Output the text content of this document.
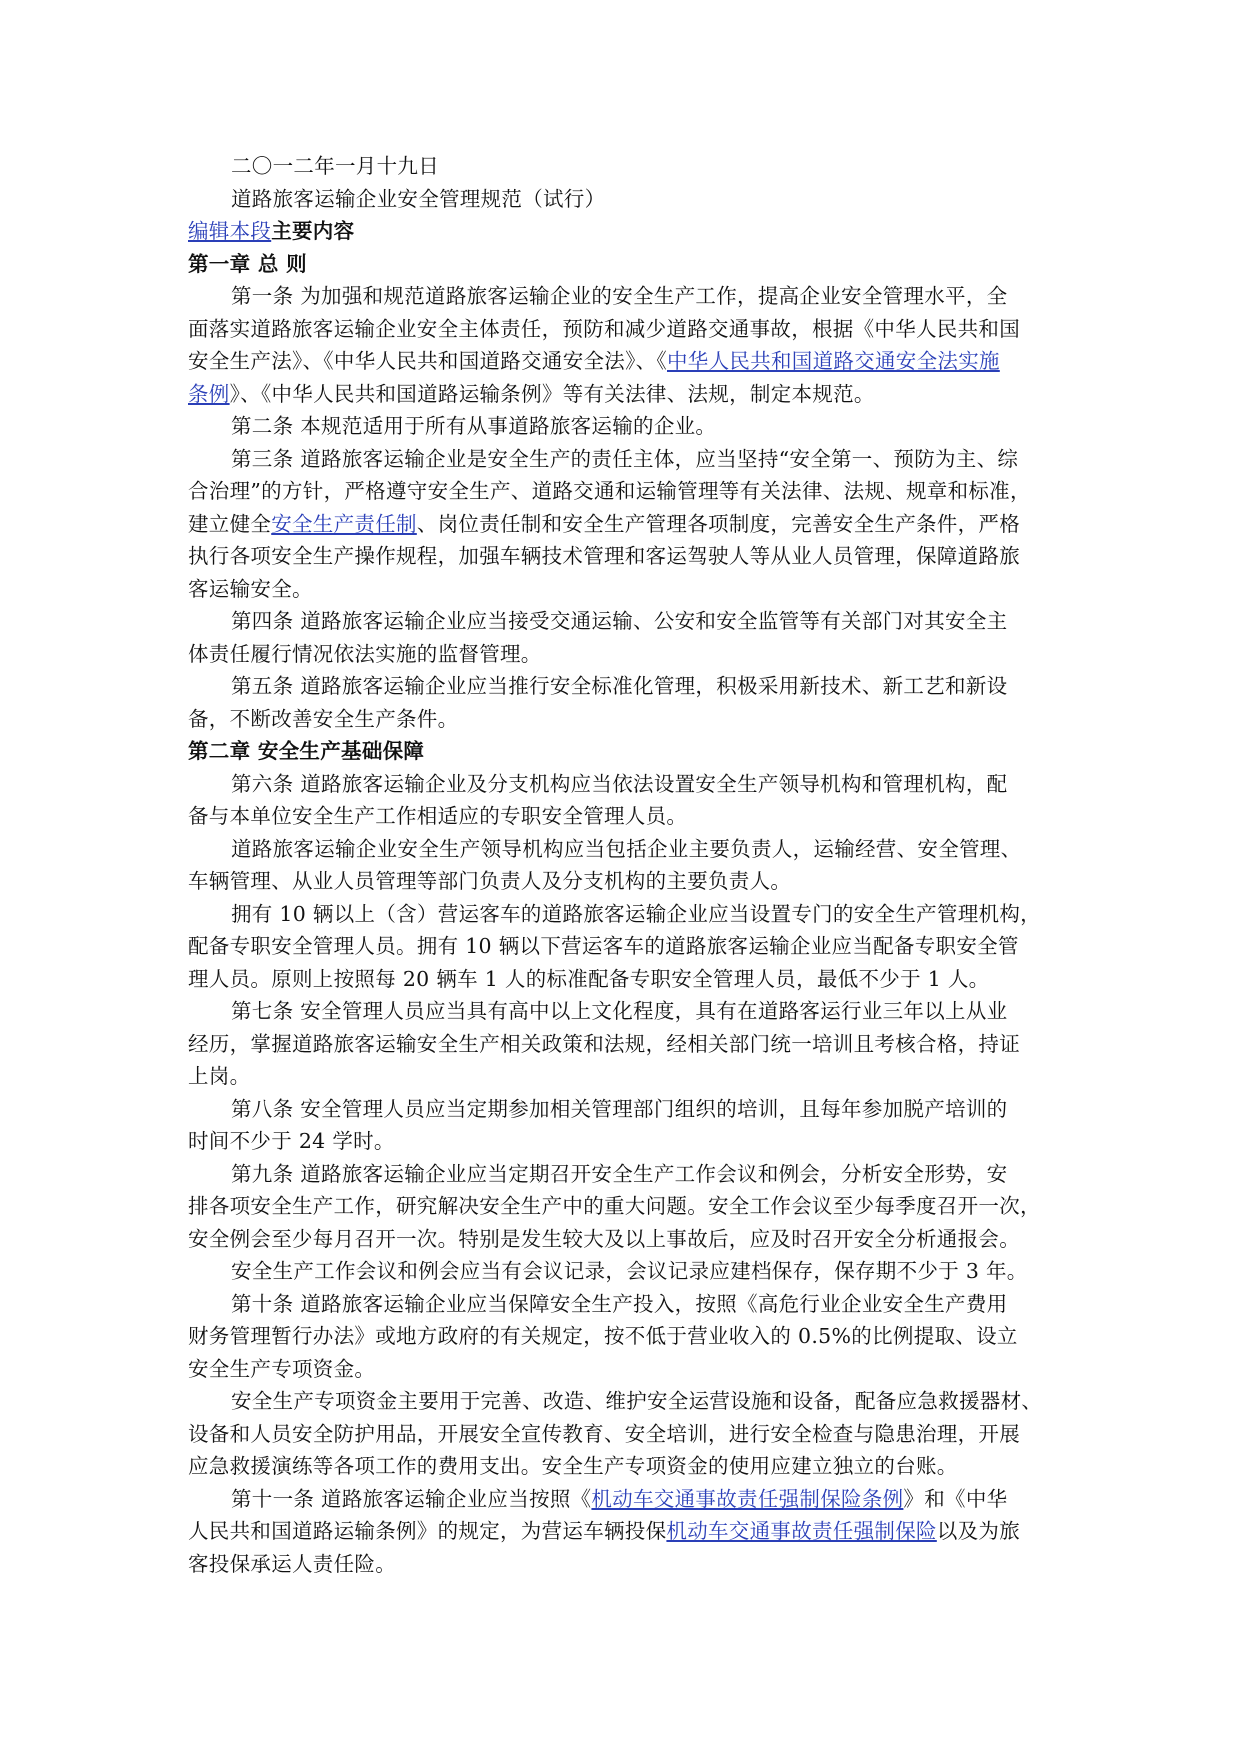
二〇一二年一月十九日
道路旅客运输企业安全管理规范（试行）
编辑本段主要内容
第一章 总 则
第一条 为加强和规范道路旅客运输企业的安全生产工作，提高企业安全管理水平，全
面落实道路旅客运输企业安全主体责任，预防和减少道路交通事故，根据《中华人民共和国
安全生产法》、《中华人民共和国道路交通安全法》、《中华人民共和国道路交通安全法实施
条例》、《中华人民共和国道路运输条例》等有关法律、法规，制定本规范。
第二条 本规范适用于所有从事道路旅客运输的企业。
第三条 道路旅客运输企业是安全生产的责任主体，应当坚持“安全第一、预防为主、综
合治理”的方针，严格遵守安全生产、道路交通和运输管理等有关法律、法规、规章和标准，
建立健全安全生产责任制、岗位责任制和安全生产管理各项制度，完善安全生产条件，严格
执行各项安全生产操作规程，加强车辆技术管理和客运驾驶人等从业人员管理，保障道路旅
客运输安全。
第四条 道路旅客运输企业应当接受交通运输、公安和安全监管等有关部门对其安全主
体责任履行情况依法实施的监督管理。
第五条 道路旅客运输企业应当推行安全标准化管理，积极采用新技术、新工艺和新设
备，不断改善安全生产条件。
第二章 安全生产基础保障
第六条 道路旅客运输企业及分支机构应当依法设置安全生产领导机构和管理机构，配
备与本单位安全生产工作相适应的专职安全管理人员。
道路旅客运输企业安全生产领导机构应当包括企业主要负责人，运输经营、安全管理、
车辆管理、从业人员管理等部门负责人及分支机构的主要负责人。
拥有 10 辆以上（含）营运客车的道路旅客运输企业应当设置专门的安全生产管理机构，
配备专职安全管理人员。拥有 10 辆以下营运客车的道路旅客运输企业应当配备专职安全管
理人员。原则上按照每 20 辆车 1 人的标准配备专职安全管理人员，最低不少于 1 人。
第七条 安全管理人员应当具有高中以上文化程度，具有在道路客运行业三年以上从业
经历，掌握道路旅客运输安全生产相关政策和法规，经相关部门统一培训且考核合格，持证
上岗。
第八条 安全管理人员应当定期参加相关管理部门组织的培训，且每年参加脱产培训的
时间不少于 24 学时。
第九条 道路旅客运输企业应当定期召开安全生产工作会议和例会，分析安全形势，安
排各项安全生产工作，研究解决安全生产中的重大问题。安全工作会议至少每季度召开一次，
安全例会至少每月召开一次。特别是发生较大及以上事故后，应及时召开安全分析通报会。
安全生产工作会议和例会应当有会议记录，会议记录应建档保存，保存期不少于 3 年。
第十条 道路旅客运输企业应当保障安全生产投入，按照《高危行业企业安全生产费用
财务管理暂行办法》或地方政府的有关规定，按不低于营业收入的 0.5%的比例提取、设立
安全生产专项资金。
安全生产专项资金主要用于完善、改造、维护安全运营设施和设备，配备应急救援器材、
设备和人员安全防护用品，开展安全宣传教育、安全培训，进行安全检查与隐患治理，开展
应急救援演练等各项工作的费用支出。安全生产专项资金的使用应建立独立的台账。
第十一条 道路旅客运输企业应当按照《机动车交通事故责任强制保险条例》和《中华
人民共和国道路运输条例》的规定，为营运车辆投保机动车交通事故责任强制保险以及为旅
客投保承运人责任险。
